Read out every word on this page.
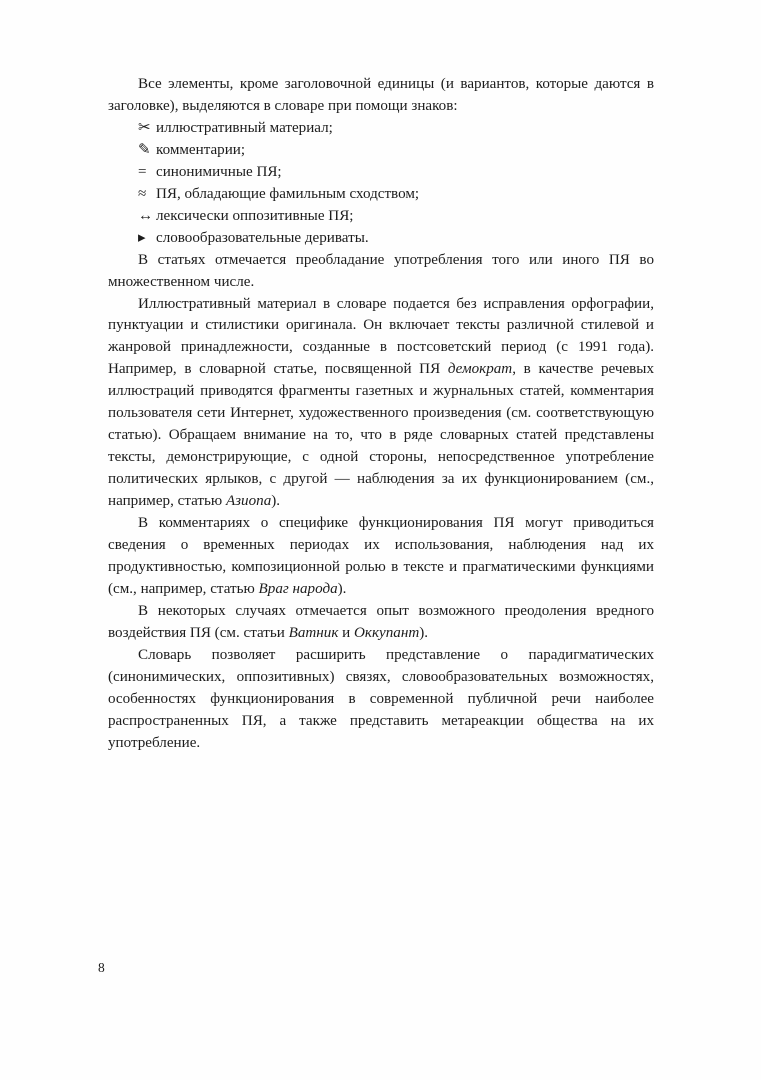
Все элементы, кроме заголовочной единицы (и вариантов, которые даются в заголовке), выделяются в словаре при помощи знаков:

✂ иллюстративный материал;
✎ комментарии;
= синонимичные ПЯ;
≈ ПЯ, обладающие фамильным сходством;
↔ лексически оппозитивные ПЯ;
▸ словообразовательные дериваты.

В статьях отмечается преобладание употребления того или иного ПЯ во множественном числе.

Иллюстративный материал в словаре подается без исправления орфографии, пунктуации и стилистики оригинала. Он включает тексты различной стилевой и жанровой принадлежности, созданные в постсоветский период (с 1991 года). Например, в словарной статье, посвященной ПЯ демократ, в качестве речевых иллюстраций приводятся фрагменты газетных и журнальных статей, комментария пользователя сети Интернет, художественного произведения (см. соответствующую статью). Обращаем внимание на то, что в ряде словарных статей представлены тексты, демонстрирующие, с одной стороны, непосредственное употребление политических ярлыков, с другой — наблюдения за их функционированием (см., например, статью Азиопа).

В комментариях о специфике функционирования ПЯ могут приводиться сведения о временных периодах их использования, наблюдения над их продуктивностью, композиционной ролью в тексте и прагматическими функциями (см., например, статью Враг народа).

В некоторых случаях отмечается опыт возможного преодоления вредного воздействия ПЯ (см. статьи Ватник и Оккупант).

Словарь позволяет расширить представление о парадигматических (синонимических, оппозитивных) связях, словообразовательных возможностях, особенностях функционирования в современной публичной речи наиболее распространенных ПЯ, а также представить метареакции общества на их употребление.

8
